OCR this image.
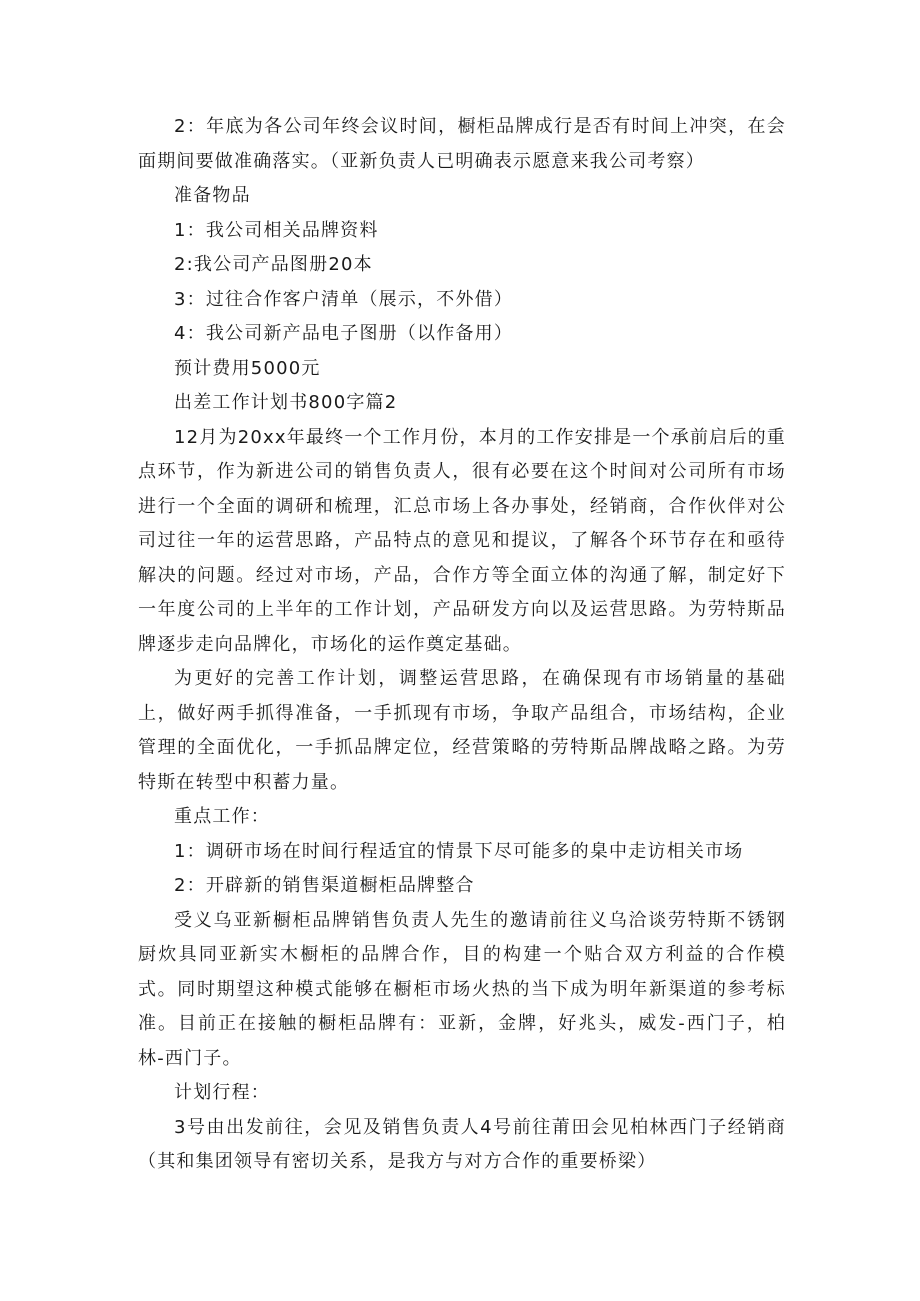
2：年底为各公司年终会议时间，橱柜品牌成行是否有时间上冲突，在会面期间要做准确落实。（亚新负责人已明确表示愿意来我公司考察）

准备物品

1：我公司相关品牌资料

2:我公司产品图册20本

3：过往合作客户清单（展示，不外借）

4：我公司新产品电子图册（以作备用）

预计费用5000元

出差工作计划书800字篇2

12月为20xx年最终一个工作月份，本月的工作安排是一个承前启后的重点环节，作为新进公司的销售负责人，很有必要在这个时间对公司所有市场进行一个全面的调研和梳理，汇总市场上各办事处，经销商，合作伙伴对公司过往一年的运营思路，产品特点的意见和提议，了解各个环节存在和亟待解决的问题。经过对市场，产品，合作方等全面立体的沟通了解，制定好下一年度公司的上半年的工作计划，产品研发方向以及运营思路。为劳特斯品牌逐步走向品牌化，市场化的运作奠定基础。

为更好的完善工作计划，调整运营思路，在确保现有市场销量的基础上，做好两手抓得准备，一手抓现有市场，争取产品组合，市场结构，企业管理的全面优化，一手抓品牌定位，经营策略的劳特斯品牌战略之路。为劳特斯在转型中积蓄力量。

重点工作：

1：调研市场在时间行程适宜的情景下尽可能多的臬中走访相关市场

2：开辟新的销售渠道橱柜品牌整合

受义乌亚新橱柜品牌销售负责人先生的邀请前往义乌洽谈劳特斯不锈钢厨炊具同亚新实木橱柜的品牌合作，目的构建一个贴合双方利益的合作模式。同时期望这种模式能够在橱柜市场火热的当下成为明年新渠道的参考标准。目前正在接触的橱柜品牌有：亚新，金牌，好兆头，威发-西门子，柏林-西门子。

计划行程：

3号由出发前往，会见及销售负责人4号前往莆田会见柏林西门子经销商（其和集团领导有密切关系，是我方与对方合作的重要桥梁）
